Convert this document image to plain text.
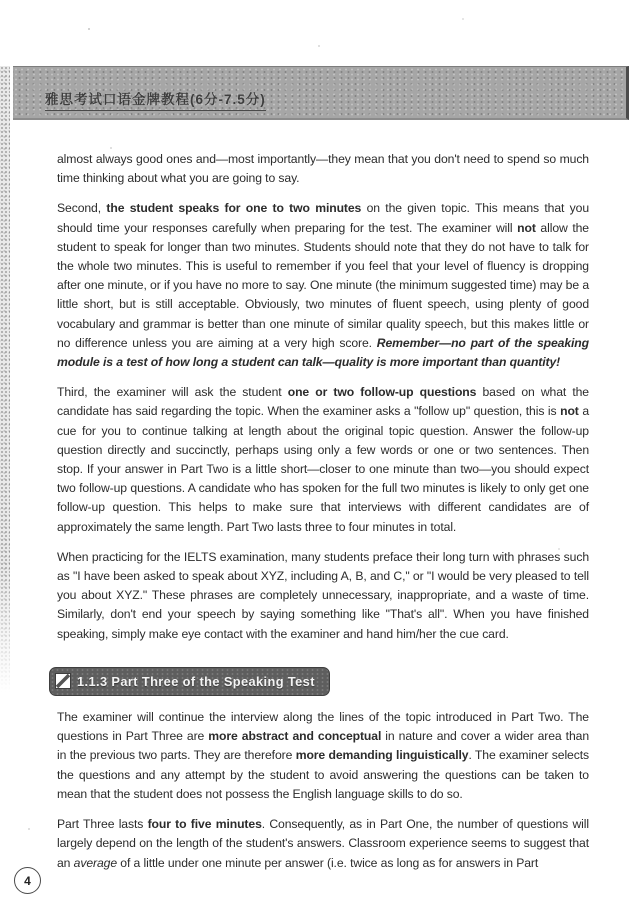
雅思考试口语金牌教程(6分-7.5分)
almost always good ones and—most importantly—they mean that you don't need to spend so much time thinking about what you are going to say.
Second, the student speaks for one to two minutes on the given topic. This means that you should time your responses carefully when preparing for the test. The examiner will not allow the student to speak for longer than two minutes. Students should note that they do not have to talk for the whole two minutes. This is useful to remember if you feel that your level of fluency is dropping after one minute, or if you have no more to say. One minute (the minimum suggested time) may be a little short, but is still acceptable. Obviously, two minutes of fluent speech, using plenty of good vocabulary and grammar is better than one minute of similar quality speech, but this makes little or no difference unless you are aiming at a very high score. Remember—no part of the speaking module is a test of how long a student can talk—quality is more important than quantity!
Third, the examiner will ask the student one or two follow-up questions based on what the candidate has said regarding the topic. When the examiner asks a "follow up" question, this is not a cue for you to continue talking at length about the original topic question. Answer the follow-up question directly and succinctly, perhaps using only a few words or one or two sentences. Then stop. If your answer in Part Two is a little short—closer to one minute than two—you should expect two follow-up questions. A candidate who has spoken for the full two minutes is likely to only get one follow-up question. This helps to make sure that interviews with different candidates are of approximately the same length. Part Two lasts three to four minutes in total.
When practicing for the IELTS examination, many students preface their long turn with phrases such as "I have been asked to speak about XYZ, including A, B, and C," or "I would be very pleased to tell you about XYZ." These phrases are completely unnecessary, inappropriate, and a waste of time. Similarly, don't end your speech by saying something like "That's all". When you have finished speaking, simply make eye contact with the examiner and hand him/her the cue card.
1.1.3 Part Three of the Speaking Test
The examiner will continue the interview along the lines of the topic introduced in Part Two. The questions in Part Three are more abstract and conceptual in nature and cover a wider area than in the previous two parts. They are therefore more demanding linguistically. The examiner selects the questions and any attempt by the student to avoid answering the questions can be taken to mean that the student does not possess the English language skills to do so.
Part Three lasts four to five minutes. Consequently, as in Part One, the number of questions will largely depend on the length of the student's answers. Classroom experience seems to suggest that an average of a little under one minute per answer (i.e. twice as long as for answers in Part
4
